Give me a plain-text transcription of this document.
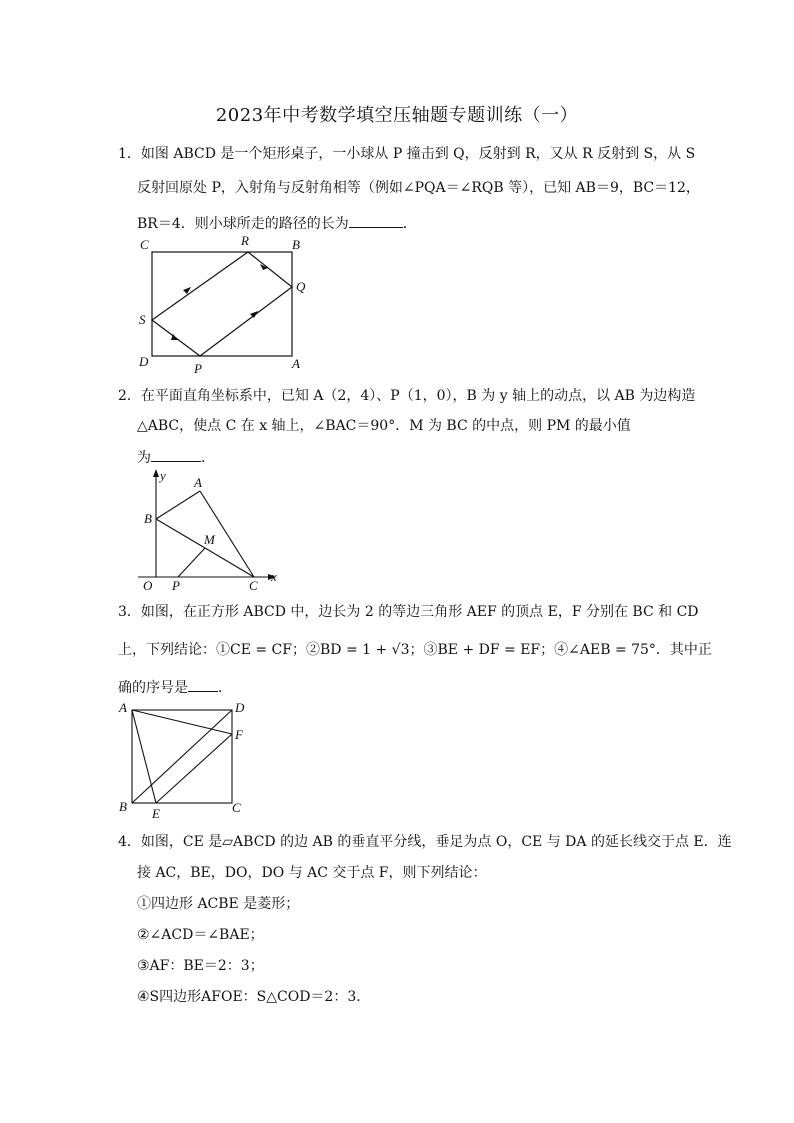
2023年中考数学填空压轴题专题训练（一）
1．如图 ABCD 是一个矩形桌子，一小球从 P 撞击到 Q，反射到 R，又从 R 反射到 S，从 S
反射回原处 P，入射角与反射角相等（例如∠PQA＝∠RQB 等），已知 AB＝9，BC＝12，
BR＝4．则小球所走的路径的长为	．
C	R	B
Q
S
D	P	A
2．在平面直角坐标系中，已知 A（2，4）、P（1，0），B 为 y 轴上的动点，以 AB 为边构造
△ABC，使点 C 在 x 轴上，∠BAC＝90°．M 为 BC 的中点，则 PM 的最小值
为	．
y A
B
M
O P	C
x
3．如图，在正方形 ABCD 中，边长为 2 的等边三角形 AEF 的顶点 E，F 分别在 BC 和 CD
上，下列结论：①CE = CF；②BD = 1 + √3；③BE + DF = EF；④∠AEB = 75°．其中正
确的序号是 ．
A	D
F
B E	C
4．如图，CE 是▱ABCD 的边 AB 的垂直平分线，垂足为点 O，CE 与 DA 的延长线交于点 E．连
接 AC，BE，DO，DO 与 AC 交于点 F，则下列结论：
①四边形 ACBE 是菱形；
②∠ACD＝∠BAE；
③AF：BE＝2：3；
④S四边形AFOE：S△COD＝2：3．
